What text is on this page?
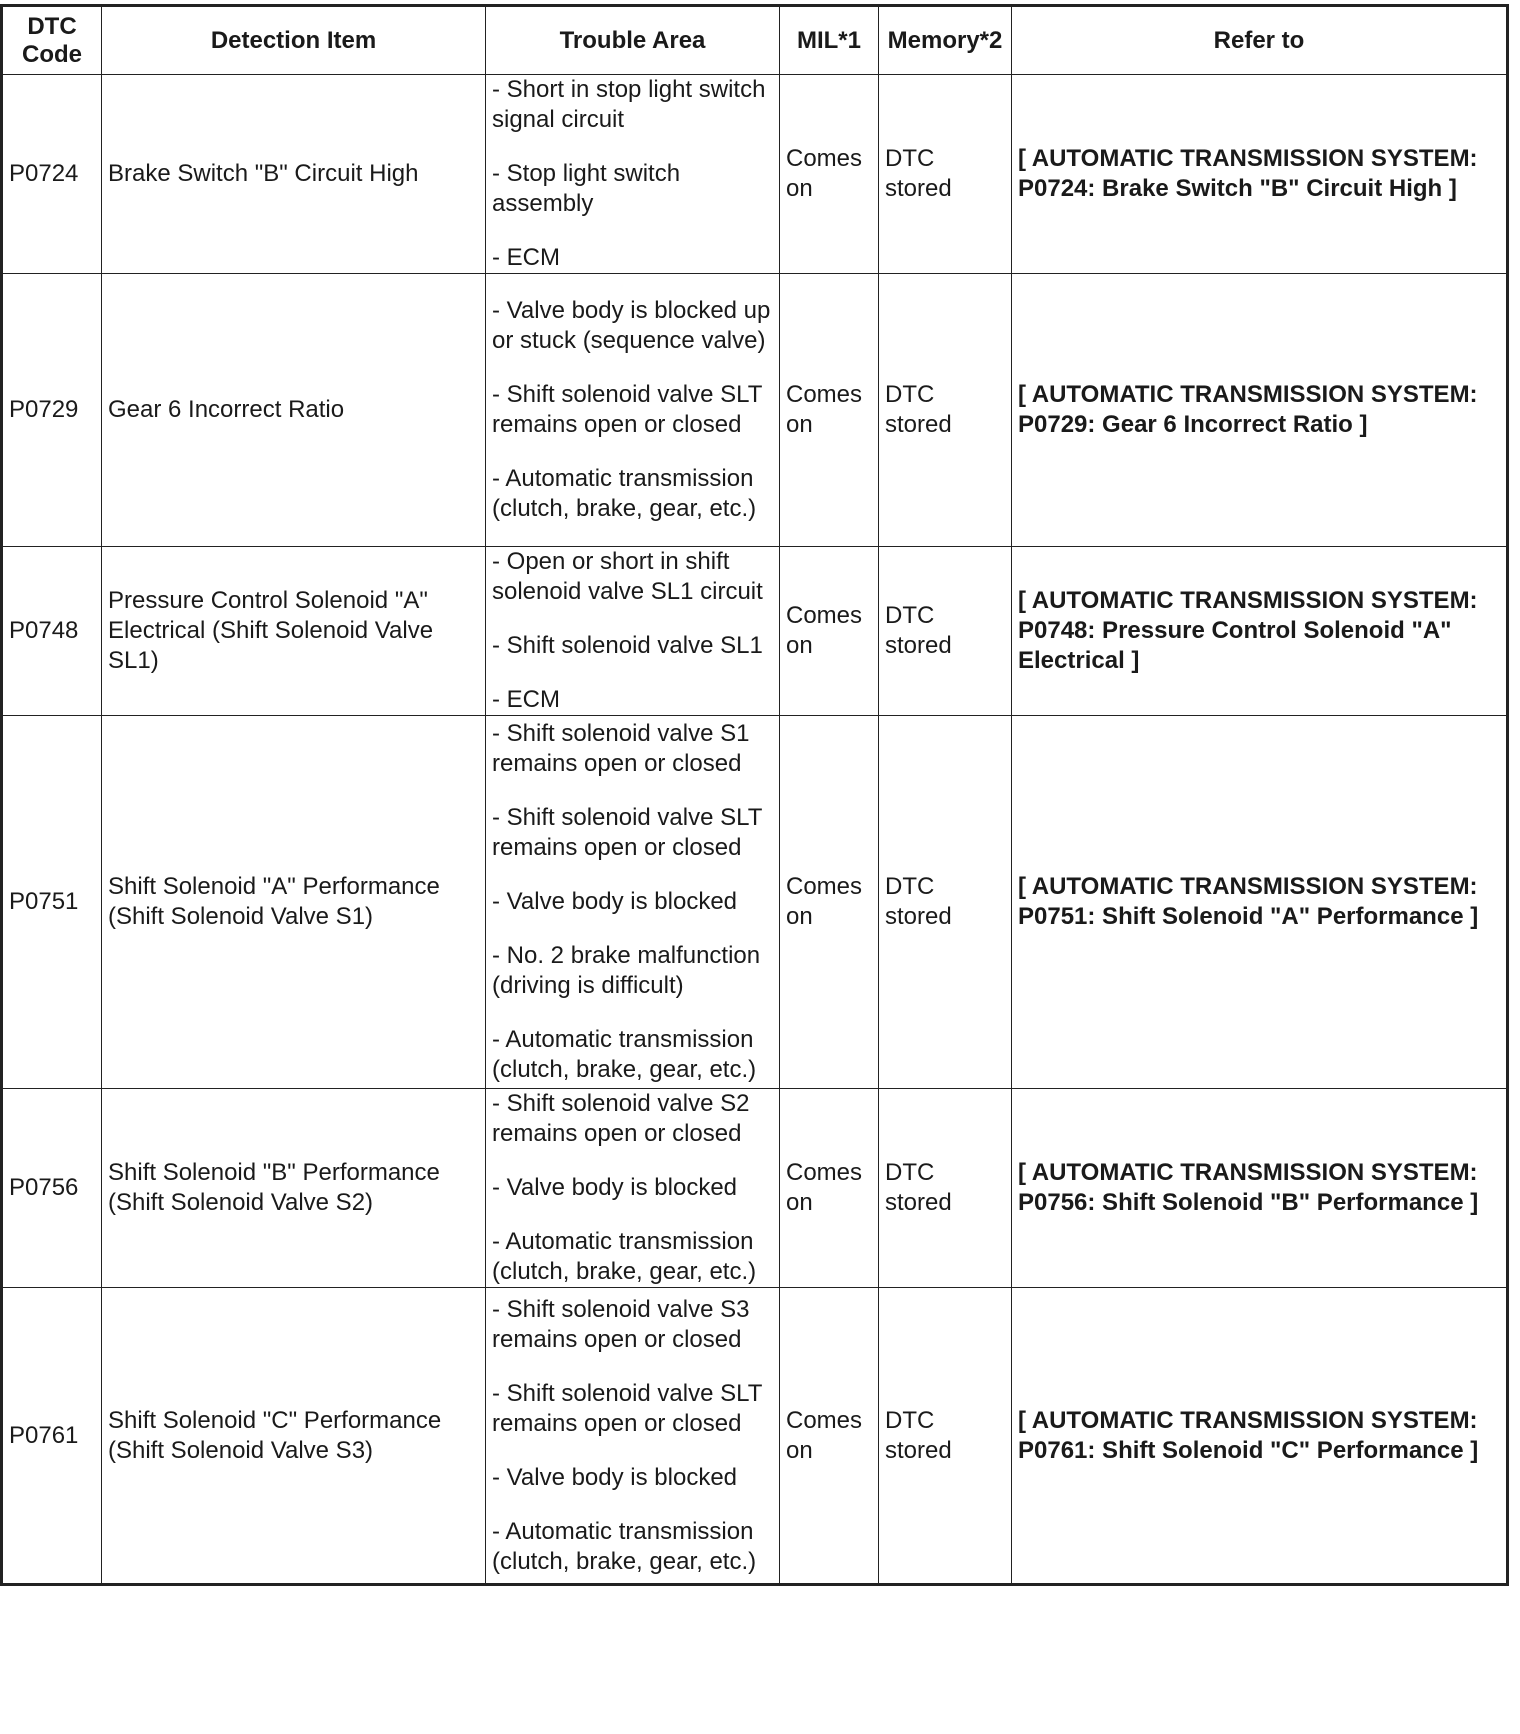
DTC
Code	Detection Item	Trouble Area	MIL*1	Memory*2	Refer to
P0724	Brake Switch "B" Circuit High	- Short in stop light switch signal circuit
- Stop light switch assembly
- ECM	Comes on	DTC stored	[ AUTOMATIC TRANSMISSION SYSTEM: P0724: Brake Switch "B" Circuit High ]
P0729	Gear 6 Incorrect Ratio	- Valve body is blocked up or stuck (sequence valve)
- Shift solenoid valve SLT remains open or closed
- Automatic transmission (clutch, brake, gear, etc.)	Comes on	DTC stored	[ AUTOMATIC TRANSMISSION SYSTEM: P0729: Gear 6 Incorrect Ratio ]
P0748	Pressure Control Solenoid "A" Electrical (Shift Solenoid Valve SL1)	- Open or short in shift solenoid valve SL1 circuit
- Shift solenoid valve SL1
- ECM	Comes on	DTC stored	[ AUTOMATIC TRANSMISSION SYSTEM: P0748: Pressure Control Solenoid "A" Electrical ]
P0751	Shift Solenoid "A" Performance (Shift Solenoid Valve S1)	- Shift solenoid valve S1 remains open or closed
- Shift solenoid valve SLT remains open or closed
- Valve body is blocked
- No. 2 brake malfunction (driving is difficult)
- Automatic transmission (clutch, brake, gear, etc.)	Comes on	DTC stored	[ AUTOMATIC TRANSMISSION SYSTEM: P0751: Shift Solenoid "A" Performance ]
P0756	Shift Solenoid "B" Performance (Shift Solenoid Valve S2)	- Shift solenoid valve S2 remains open or closed
- Valve body is blocked
- Automatic transmission (clutch, brake, gear, etc.)	Comes on	DTC stored	[ AUTOMATIC TRANSMISSION SYSTEM: P0756: Shift Solenoid "B" Performance ]
P0761	Shift Solenoid "C" Performance (Shift Solenoid Valve S3)	- Shift solenoid valve S3 remains open or closed
- Shift solenoid valve SLT remains open or closed
- Valve body is blocked
- Automatic transmission (clutch, brake, gear, etc.)	Comes on	DTC stored	[ AUTOMATIC TRANSMISSION SYSTEM: P0761: Shift Solenoid "C" Performance ]
